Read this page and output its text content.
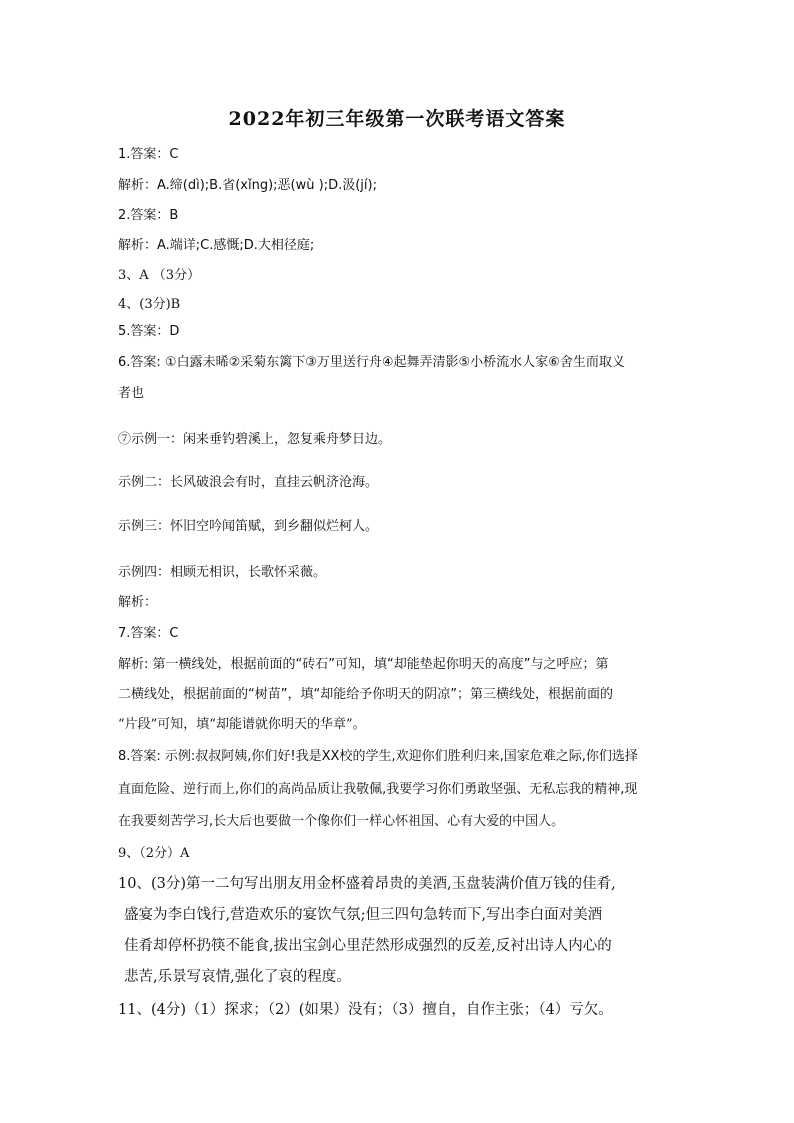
2022年初三年级第一次联考语文答案
1.答案：C
解析：A.缔(dì);B.省(xǐng);恶(wù );D.汲(jí);
2.答案：B
解析：A.端详;C.感慨;D.大相径庭;
3、A （3分）
4、(3分)B
5.答案：D
6.答案: ①白露未晞②采菊东篱下③万里送行舟④起舞弄清影⑤小桥流水人家⑥舍生而取义
者也
⑦示例一：闲来垂钓碧溪上，忽复乘舟梦日边。
示例二：长风破浪会有时，直挂云帆济沧海。
示例三：怀旧空吟闻笛赋，到乡翻似烂柯人。
示例四：相顾无相识，长歌怀采薇。
解析：
7.答案：C
解析: 第一横线处，根据前面的“砖石”可知，填“却能垫起你明天的高度”与之呼应；第
二横线处，根据前面的“树苗”，填“却能给予你明天的阴凉”；第三横线处，根据前面的
“片段”可知，填“却能谱就你明天的华章”。
8.答案: 示例:叔叔阿姨,你们好!我是XX校的学生,欢迎你们胜利归来,国家危难之际,你们选择
直面危险、逆行而上,你们的高尚品质让我敬佩,我要学习你们勇敢坚强、无私忘我的精神,现
在我要刻苦学习,长大后也要做一个像你们一样心怀祖国、心有大爱的中国人。
9、（2分）A
10、(3分)第一二句写出朋友用金杯盛着昂贵的美酒,玉盘装满价值万钱的佳肴,
盛宴为李白饯行,营造欢乐的宴饮气氛;但三四句急转而下,写出李白面对美酒
佳肴却停杯扔筷不能食,拔出宝剑心里茫然形成强烈的反差,反衬出诗人内心的
悲苦,乐景写哀情,强化了哀的程度。
11、(4分)（1）探求；（2）(如果）没有；（3）擅自，自作主张；（4）亏欠。
